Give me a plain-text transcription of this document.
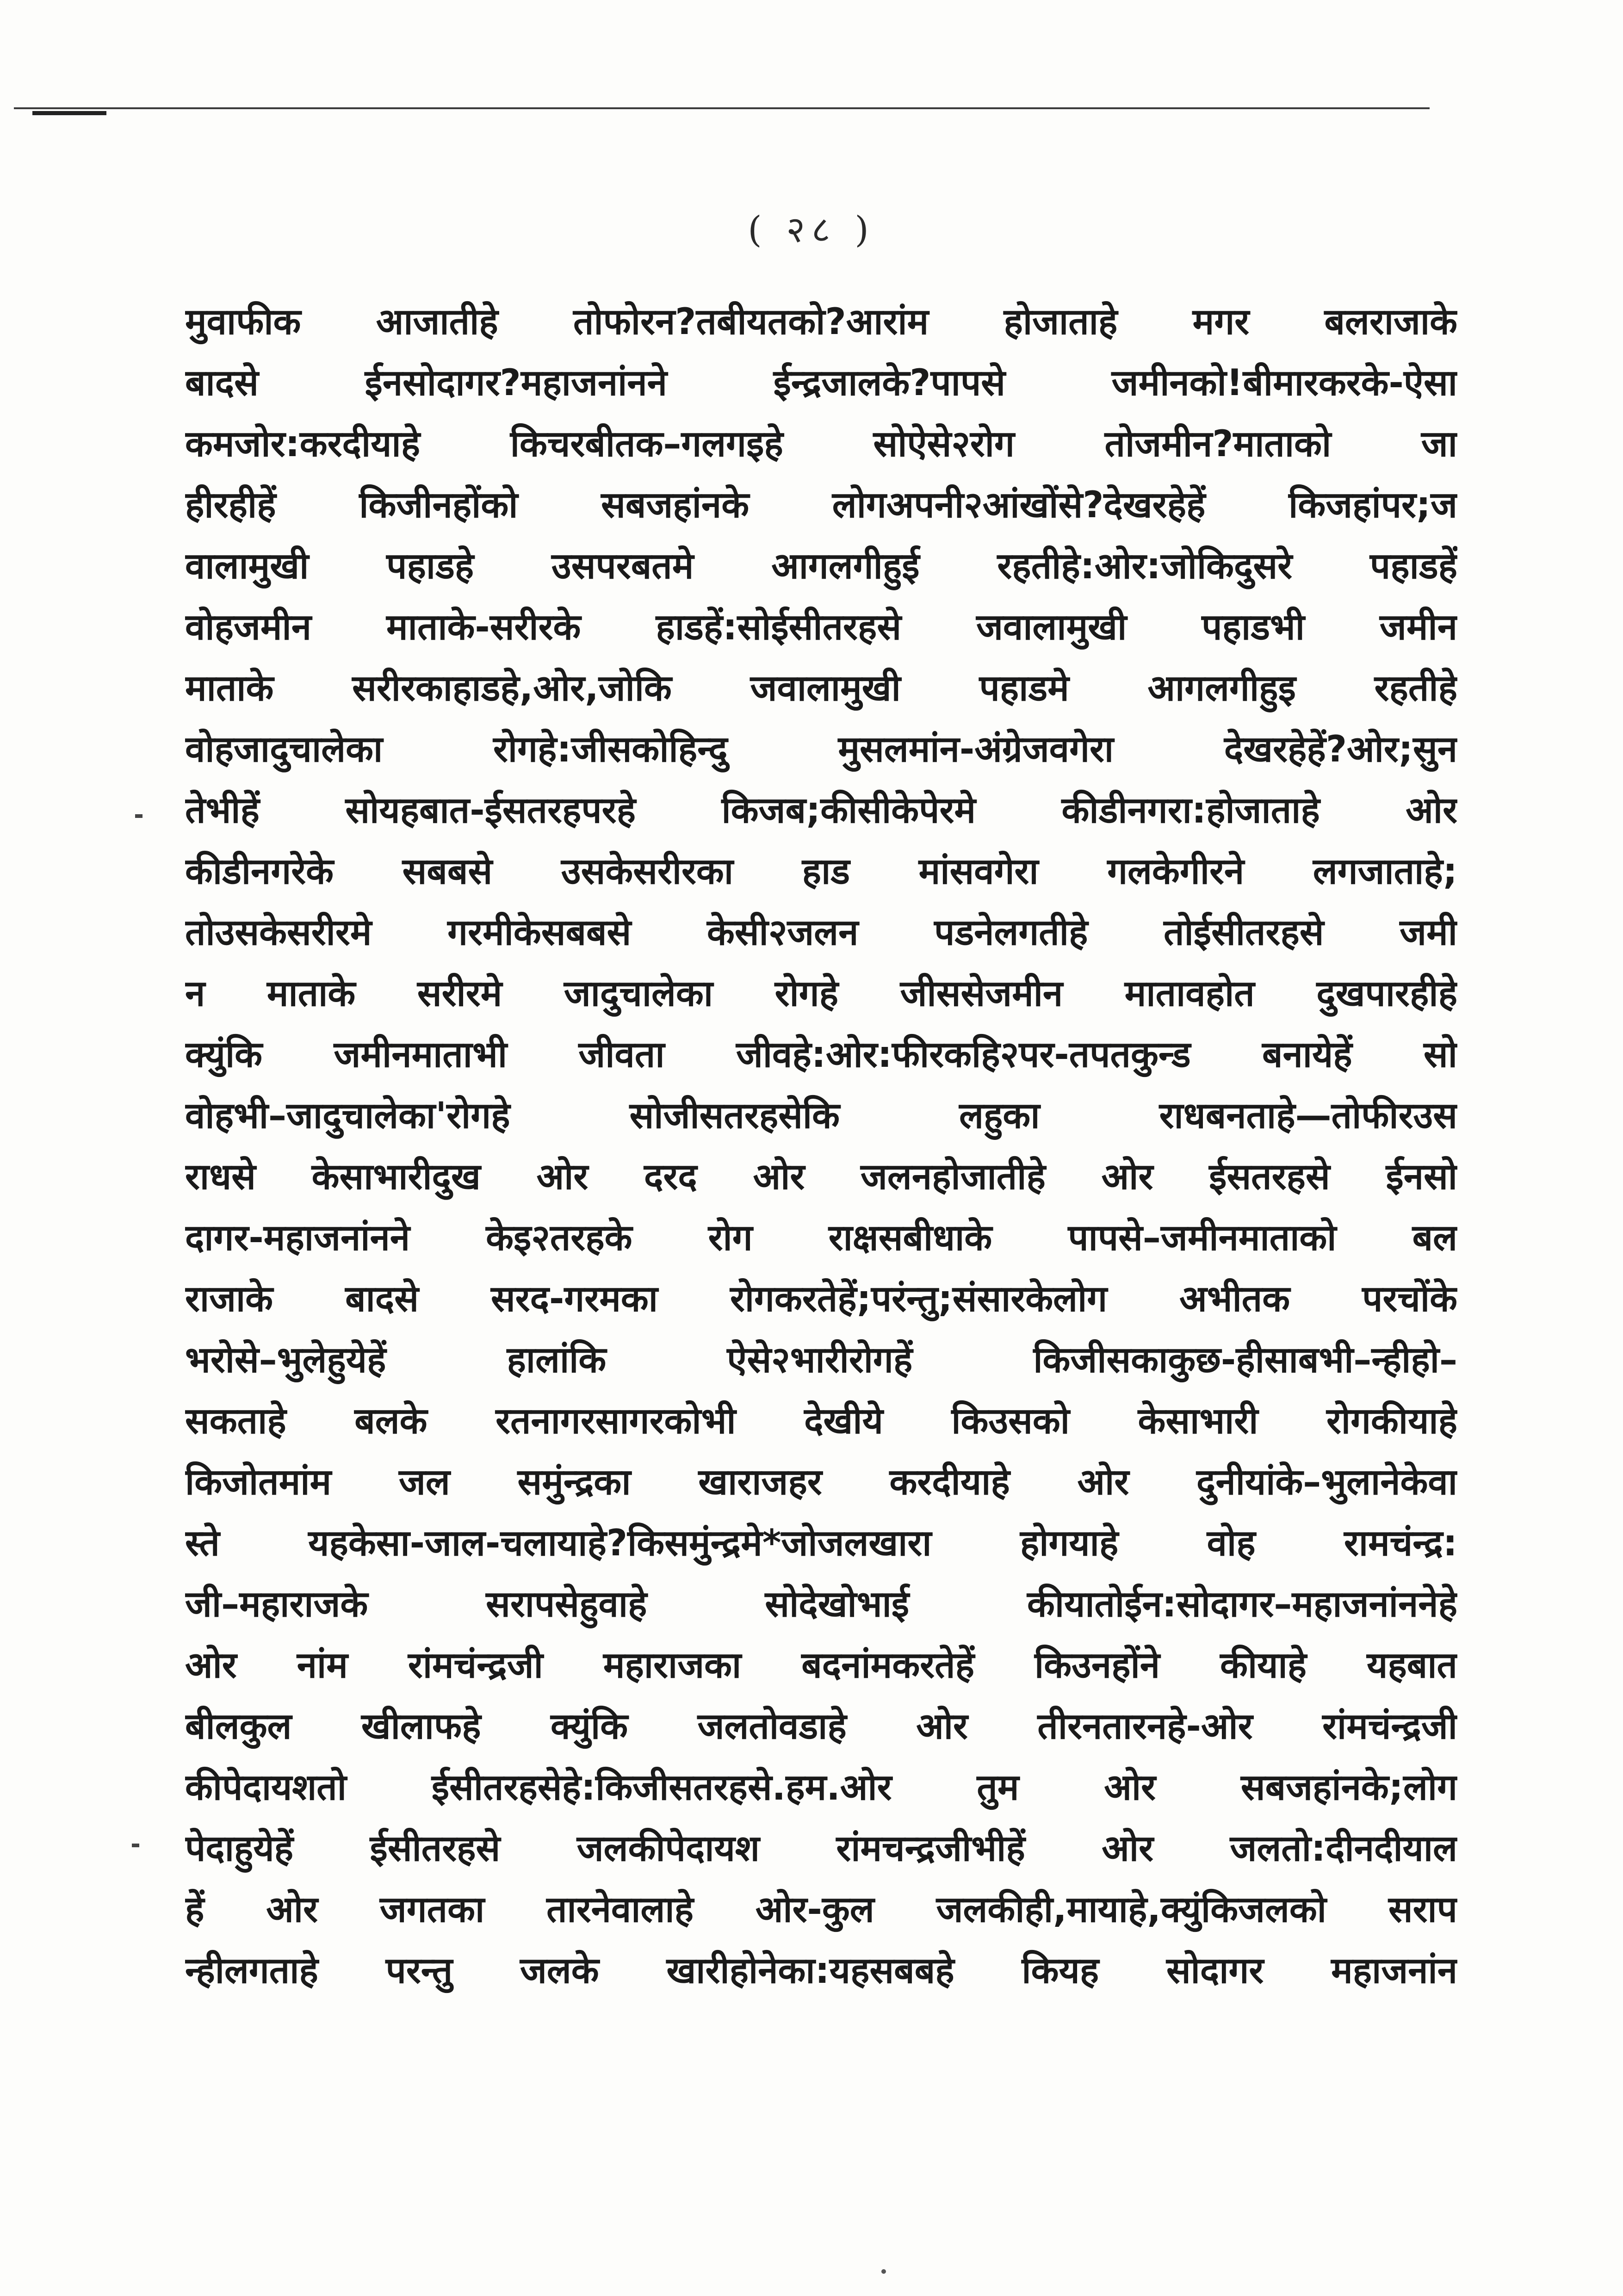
( २८ )
मुवाफीक आजातीहे तोफोरन?तबीयतको?आरांम होजाताहे मगर बलराजाके
बादसे ईनसोदागर?महाजनांनने ईन्द्रजालके?पापसे जमीनको!बीमारकरके-ऐसा
कमजोर:करदीयाहे किचरबीतक–गलगइहे सोऐसे२रोग तोजमीन?माताको जा
हीरहीहें किजीनहोंको सबजहांनके लोगअपनी२आंखोंसे?देखरहेहें किजहांपर;ज
वालामुखी पहाडहे उसपरबतमे आगलगीहुई रहतीहे:ओर:जोकिदुसरे पहाडहें
वोहजमीन माताके-सरीरके हाडहें:सोईसीतरहसे जवालामुखी पहाडभी जमीन
माताके सरीरकाहाडहे,ओर,जोकि जवालामुखी पहाडमे आगलगीहुइ रहतीहे
वोहजादुचालेका रोगहे:जीसकोहिन्दु मुसलमांन-अंग्रेजवगेरा देखरहेहें?ओर;सुन
तेभीहें सोयहबात-ईसतरहपरहे किजब;कीसीकेपेरमे कीडीनगरा:होजाताहे ओर
कीडीनगरेके सबबसे उसकेसरीरका हाड मांसवगेरा गलकेगीरने लगजाताहे;
तोउसकेसरीरमे गरमीकेसबबसे केसी२जलन पडनेलगतीहे तोईसीतरहसे जमी
न माताके सरीरमे जादुचालेका रोगहे जीससेजमीन मातावहोत दुखपारहीहे
क्युंकि जमीनमाताभी जीवता जीवहे:ओर:फीरकहि२पर-तपतकुन्ड बनायेहें सो
वोहभी–जादुचालेका'रोगहे सोजीसतरहसेकि लहुका राधबनताहे—तोफीरउस
राधसे केसाभारीदुख ओर दरद ओर जलनहोजातीहे ओर ईसतरहसे ईनसो
दागर-महाजनांनने केइ२तरहके रोग राक्षसबीधाके पापसे–जमीनमाताको बल
राजाके बादसे सरद-गरमका रोगकरतेहें;परंन्तु;संसारकेलोग अभीतक परचोंके
भरोसे–भुलेहुयेहें हालांकि ऐसे२भारीरोगहें किजीसकाकुछ-हीसाबभी–न्हीहो–
सकताहे बलके रतनागरसागरकोभी देखीये किउसको केसाभारी रोगकीयाहे
किजोतमांम जल समुंन्द्रका खाराजहर करदीयाहे ओर दुनीयांके–भुलानेकेवा
स्ते यहकेसा-जाल-चलायाहे?किसमुंन्द्रमे*जोजलखारा होगयाहे वोह रामचंन्द्र:
जी–महाराजके सरापसेहुवाहे सोदेखोभाई कीयातोईन:सोदागर–महाजनांननेहे
ओर नांम रांमचंन्द्रजी महाराजका बदनांमकरतेहें किउनहोंने कीयाहे यहबात
बीलकुल खीलाफहे क्युंकि जलतोवडाहे ओर तीरनतारनहे-ओर रांमचंन्द्रजी
कीपेदायशतो ईसीतरहसेहे:किजीसतरहसे.हम.ओर तुम ओर सबजहांनके;लोग
पेदाहुयेहें ईसीतरहसे जलकीपेदायश रांमचन्द्रजीभीहें ओर जलतो:दीनदीयाल
हें ओर जगतका तारनेवालाहे ओर-कुल जलकीही,मायाहे,क्युंकिजलको सराप
न्हीलगताहे परन्तु जलके खारीहोनेका:यहसबबहे कियह सोदागर महाजनांन
